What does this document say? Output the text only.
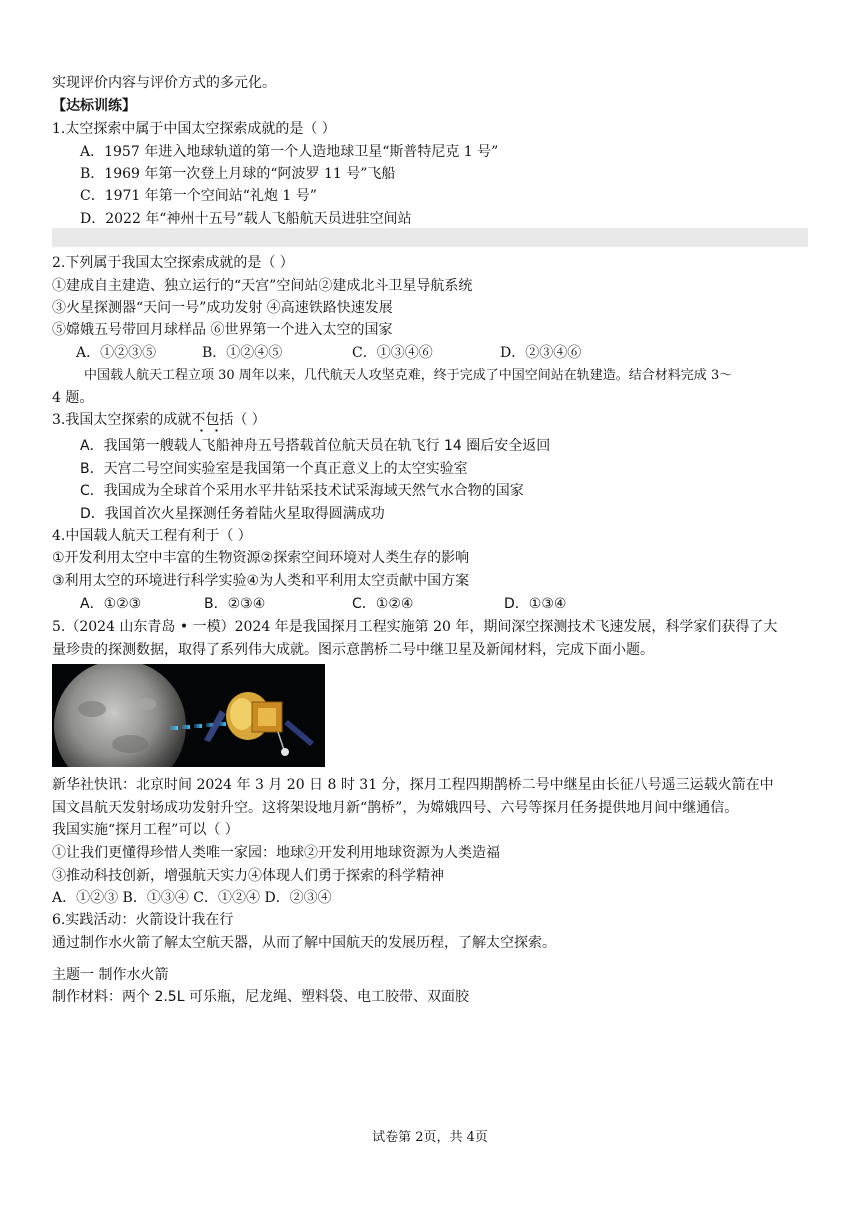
实现评价内容与评价方式的多元化。
【达标训练】
1.太空探索中属于中国太空探索成就的是（ ）
A．1957 年进入地球轨道的第一个人造地球卫星“斯普特尼克 1 号”
B．1969 年第一次登上月球的“阿波罗 11 号”飞船
C．1971 年第一个空间站“礼炮 1 号”
D．2022 年“神州十五号”载人飞船航天员进驻空间站
2.下列属于我国太空探索成就的是（ ）
①建成自主建造、独立运行的“天宫”空间站②建成北斗卫星导航系统
③火星探测器“天问一号”成功发射 ④高速铁路快速发展
⑤嫦娥五号带回月球样品 ⑥世界第一个进入太空的国家
A．①②③⑤	B．①②④⑤	C．①③④⑥	D．②③④⑥
中国载人航天工程立项 30 周年以来，几代航天人攻坚克难，终于完成了中国空间站在轨建造。结合材料完成 3～
4 题。
3.我国太空探索的成就不包括（ ）
A．我国第一艘载人飞船神舟五号搭载首位航天员在轨飞行 14 圈后安全返回
B．天宫二号空间实验室是我国第一个真正意义上的太空实验室
C．我国成为全球首个采用水平井钻采技术试采海域天然气水合物的国家
D．我国首次火星探测任务着陆火星取得圆满成功
4.中国载人航天工程有利于（ ）
①开发利用太空中丰富的生物资源②探索空间环境对人类生存的影响
③利用太空的环境进行科学实验④为人类和平利用太空贡献中国方案
A．①②③	B．②③④	C．①②④	D．①③④
5.（2024 山东青岛 • 一模）2024 年是我国探月工程实施第 20 年，期间深空探测技术飞速发展，科学家们获得了大
量珍贵的探测数据，取得了系列伟大成就。图示意鹊桥二号中继卫星及新闻材料，完成下面小题。
新华社快讯：北京时间 2024 年 3 月 20 日 8 时 31 分，探月工程四期鹊桥二号中继星由长征八号遥三运载火箭在中
国文昌航天发射场成功发射升空。这将架设地月新“鹊桥”，为嫦娥四号、六号等探月任务提供地月间中继通信。
我国实施“探月工程”可以（ ）
①让我们更懂得珍惜人类唯一家园：地球②开发利用地球资源为人类造福
③推动科技创新，增强航天实力④体现人们勇于探索的科学精神
A．①②③ B．①③④ C．①②④ D．②③④
6.实践活动：火箭设计我在行
通过制作水火箭了解太空航天器，从而了解中国航天的发展历程，了解太空探索。
主题一 制作水火箭
制作材料：两个 2.5L 可乐瓶，尼龙绳、塑料袋、电工胶带、双面胶
试卷第 2页，共 4页
